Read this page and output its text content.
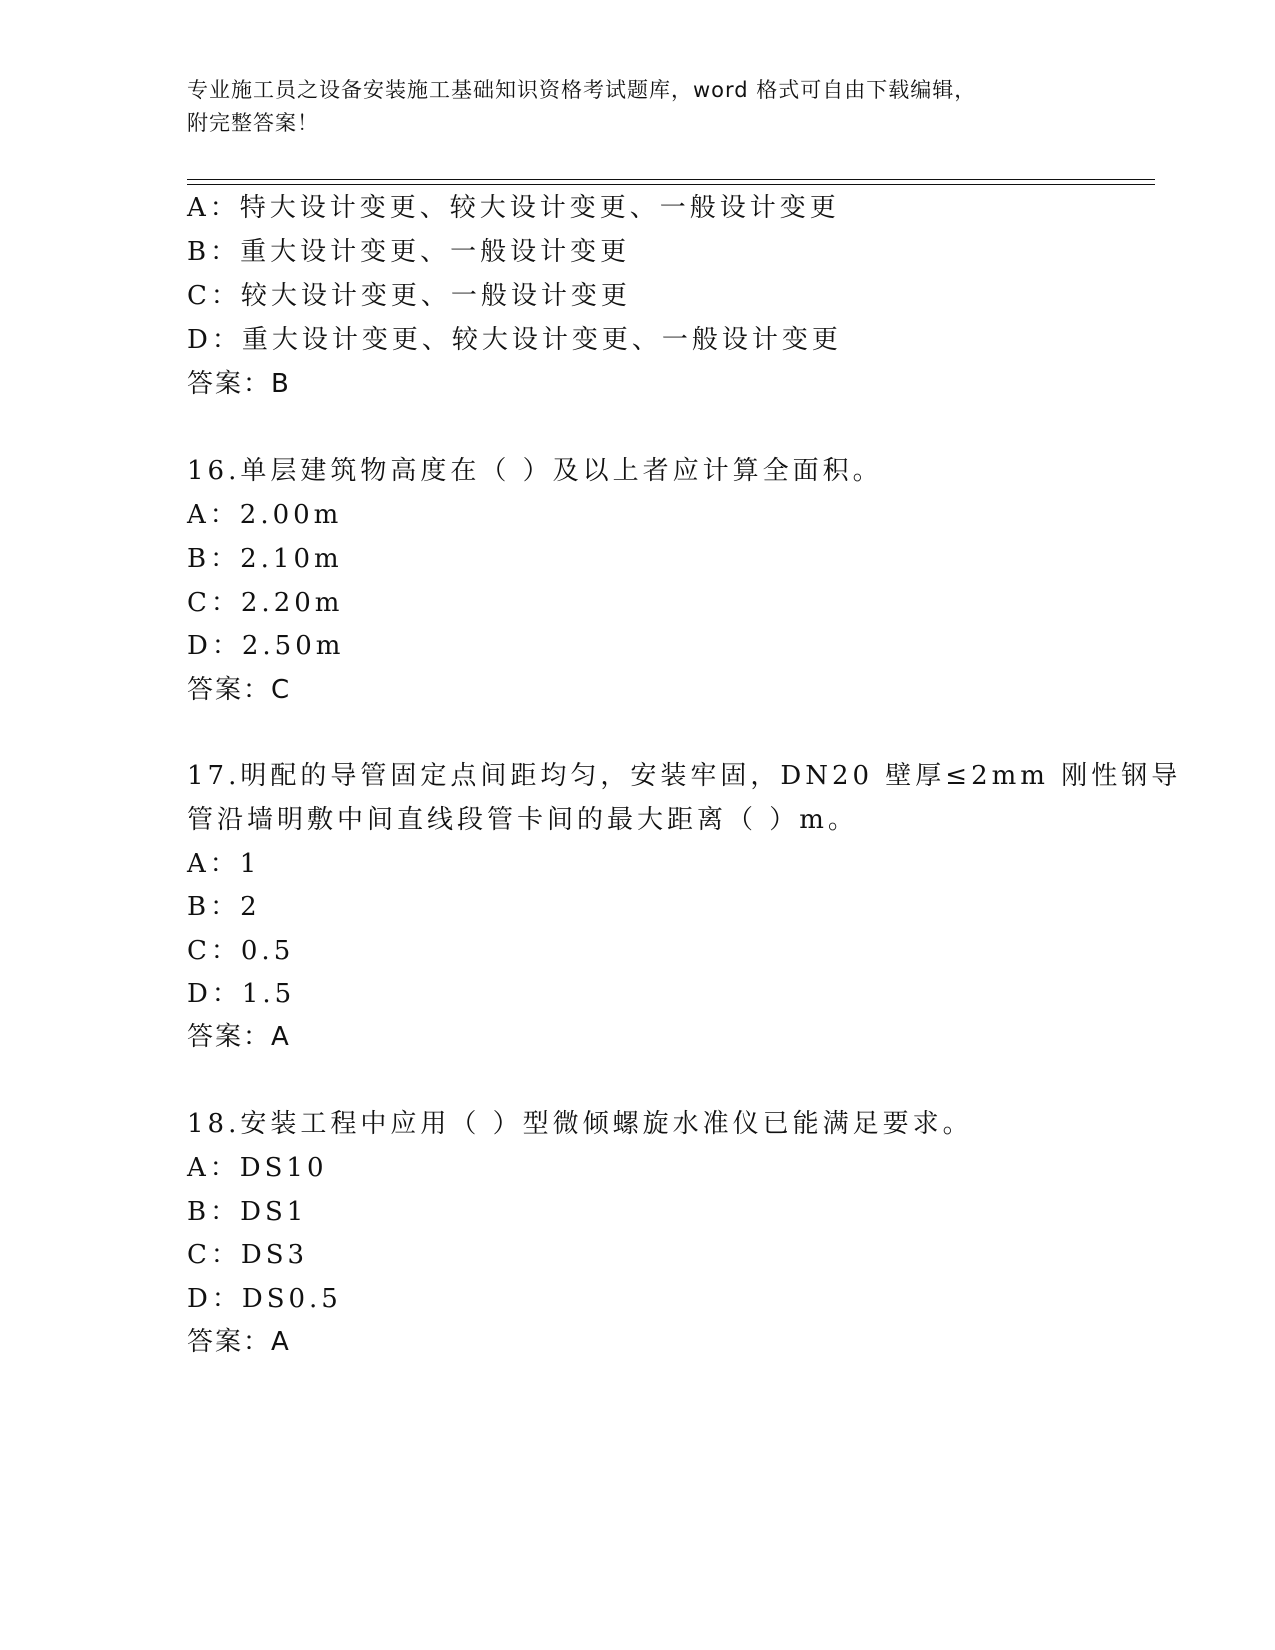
专业施工员之设备安装施工基础知识资格考试题库，word 格式可自由下载编辑，
附完整答案！
A：特大设计变更、较大设计变更、一般设计变更
B：重大设计变更、一般设计变更
C：较大设计变更、一般设计变更
D：重大设计变更、较大设计变更、一般设计变更
答案：B
16.单层建筑物高度在（ ）及以上者应计算全面积。
A：2.00m
B：2.10m
C：2.20m
D：2.50m
答案：C
17.明配的导管固定点间距均匀，安装牢固，DN20 壁厚≤2mm 刚性钢导
管沿墙明敷中间直线段管卡间的最大距离（ ）m。
A：1
B：2
C：0.5
D：1.5
答案：A
18.安装工程中应用（ ）型微倾螺旋水准仪已能满足要求。
A：DS10
B：DS1
C：DS3
D：DS0.5
答案：A
